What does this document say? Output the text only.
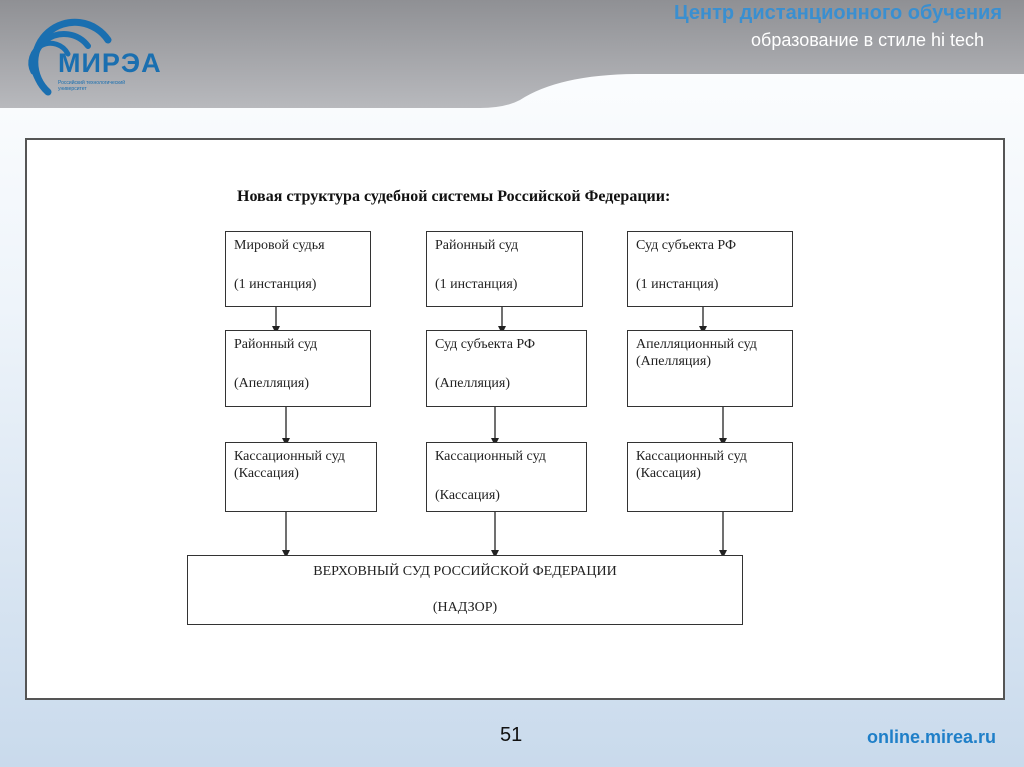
МИРЭА
Российский технологический университет
Центр дистанционного обучения
образование в стиле hi tech
Новая структура судебной системы Российской Федерации:
Мировой судья
(1 инстанция)
Районный суд
(Апелляция)
Кассационный суд
(Кассация)
Районный суд
(1 инстанция)
Суд субъекта РФ
(Апелляция)
Кассационный суд
(Кассация)
Суд субъекта РФ
(1 инстанция)
Апелляционный суд
(Апелляция)
Кассационный суд
(Кассация)
ВЕРХОВНЫЙ СУД РОССИЙСКОЙ ФЕДЕРАЦИИ
(НАДЗОР)
51	online.mirea.ru
